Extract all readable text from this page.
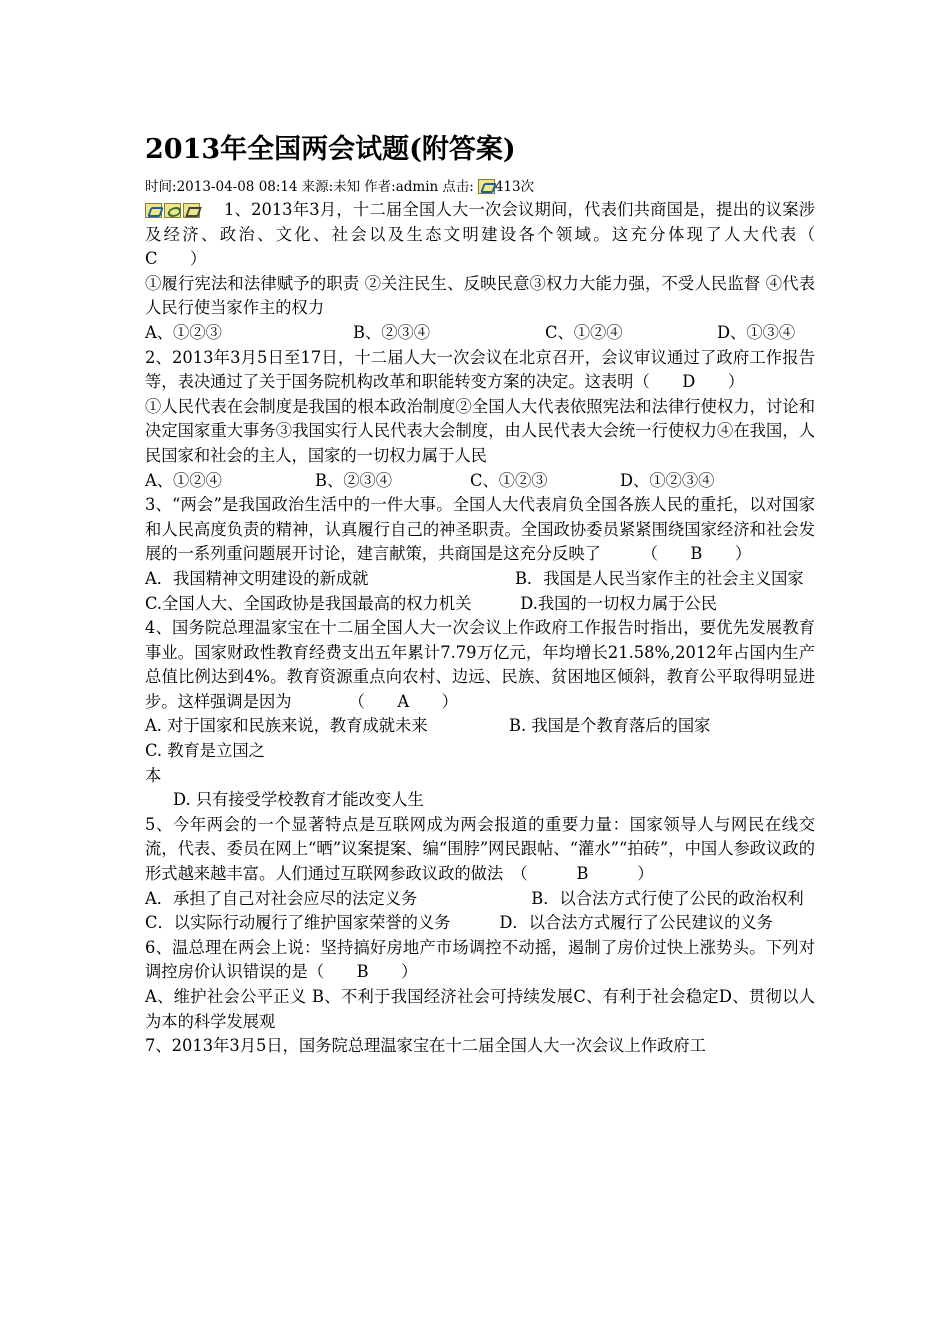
2013年全国两会试题(附答案)
时间:2013-04-08 08:14 来源:未知 作者:admin 点击: 413次

1、2013年3月，十二届全国人大一次会议期间，代表们共商国是，提出的议案涉及经济、政治、文化、社会以及生态文明建设各个领域。这充分体现了人大代表（　　C　　）

①履行宪法和法律赋予的职责 ②关注民生、反映民意③权力大能力强，不受人民监督 ④代表人民行使当家作主的权力

A、①②③	B、②③④	C、①②④	D、①③④

2、2013年3月5日至17日，十二届人大一次会议在北京召开，会议审议通过了政府工作报告等，表决通过了关于国务院机构改革和职能转变方案的决定。这表明（　　D　　）

①人民代表在会制度是我国的根本政治制度②全国人大代表依照宪法和法律行使权力，讨论和决定国家重大事务③我国实行人民代表大会制度，由人民代表大会统一行使权力④在我国，人民国家和社会的主人，国家的一切权力属于人民

A、①②④	B、②③④	C、①②③	D、①②③④

3、“两会”是我国政治生活中的一件大事。全国人大代表肩负全国各族人民的重托，以对国家和人民高度负责的精神，认真履行自己的神圣职责。全国政协委员紧紧围绕国家经济和社会发展的一系列重问题展开讨论，建言献策，共商国是这充分反映了　　　（　　B　　）

A．我国精神文明建设的新成就　　　　　　　　　B．我国是人民当家作主的社会主义国家

C.全国人大、全国政协是我国最高的权力机关　　　D.我国的一切权力属于公民

4、国务院总理温家宝在十二届全国人大一次会议上作政府工作报告时指出，要优先发展教育事业。国家财政性教育经费支出五年累计7.79万亿元，年均增长21.58%,2012年占国内生产总值比例达到4%。教育资源重点向农村、边远、民族、贫困地区倾斜，教育公平取得明显进步。这样强调是因为　　　　（　　A　　）

A. 对于国家和民族来说，教育成就未来　　　　　B. 我国是个教育落后的国家

C. 教育是立国之

本

D. 只有接受学校教育才能改变人生

5、今年两会的一个显著特点是互联网成为两会报道的重要力量：国家领导人与网民在线交流，代表、委员在网上“晒”议案提案、编“围脖”网民跟帖、“灌水”“拍砖”，中国人参政议政的形式越来越丰富。人们通过互联网参政议政的做法　（　　　B　　　）

A．承担了自己对社会应尽的法定义务　　　　　　　B．以合法方式行使了公民的政治权利

C．以实际行动履行了维护国家荣誉的义务　　　D．以合法方式履行了公民建议的义务

6、温总理在两会上说：坚持搞好房地产市场调控不动摇，遏制了房价过快上涨势头。下列对调控房价认识错误的是（　　B　　）

A、维护社会公平正义 B、不利于我国经济社会可持续发展C、有利于社会稳定D、贯彻以人为本的科学发展观

7、2013年3月5日，国务院总理温家宝在十二届全国人大一次会议上作政府工
